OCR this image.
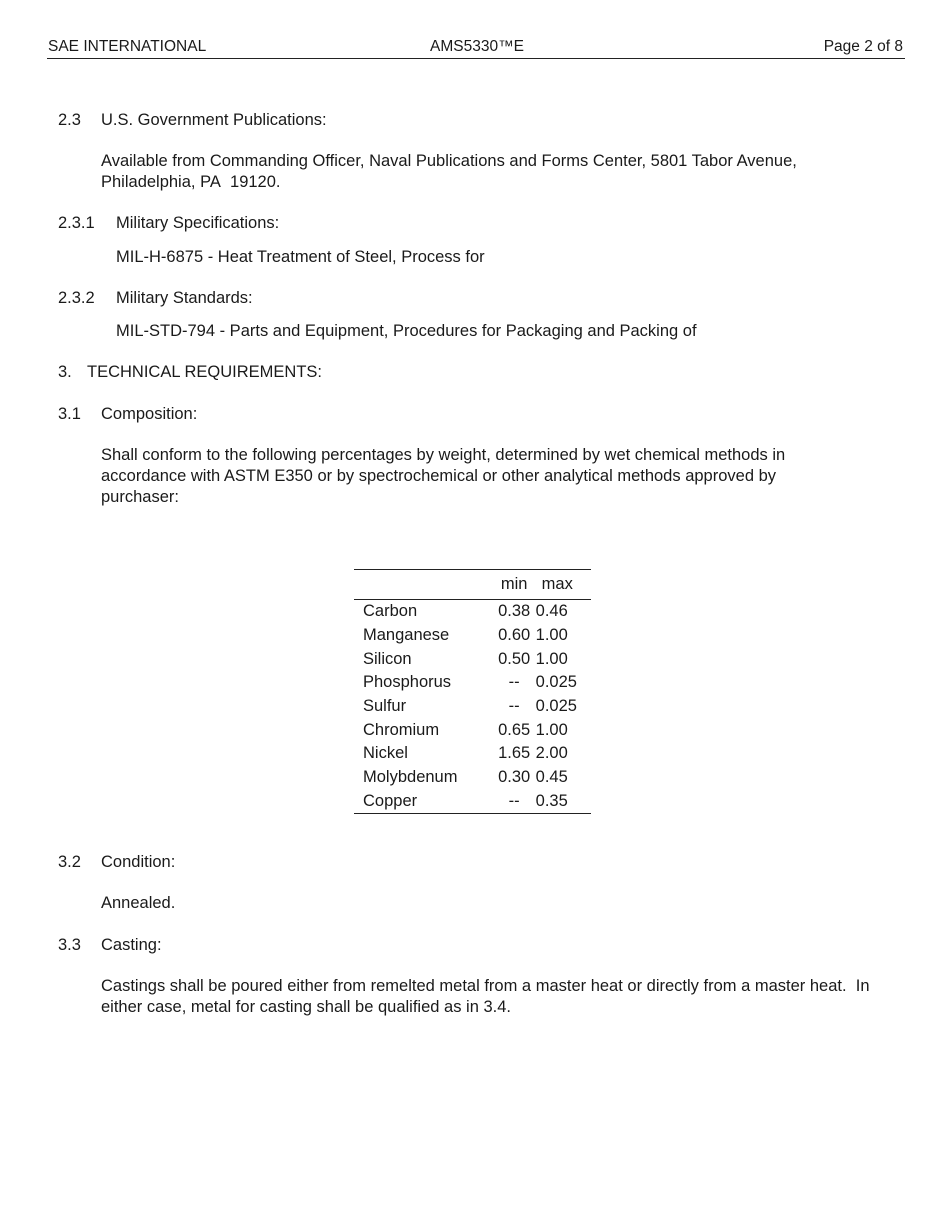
SAE INTERNATIONAL	AMS5330™E	Page 2 of 8
2.3 U.S. Government Publications:
Available from Commanding Officer, Naval Publications and Forms Center, 5801 Tabor Avenue, Philadelphia, PA  19120.
2.3.1 Military Specifications:
MIL-H-6875 - Heat Treatment of Steel, Process for
2.3.2 Military Standards:
MIL-STD-794 - Parts and Equipment, Procedures for Packaging and Packing of
3. TECHNICAL REQUIREMENTS:
3.1 Composition:
Shall conform to the following percentages by weight, determined by wet chemical methods in accordance with ASTM E350 or by spectrochemical or other analytical methods approved by purchaser:
	min	max
Carbon	0.38	0.46
Manganese	0.60	1.00
Silicon	0.50	1.00
Phosphorus	--	0.025
Sulfur	--	0.025
Chromium	0.65	1.00
Nickel	1.65	2.00
Molybdenum	0.30	0.45
Copper	--	0.35
3.2 Condition:
Annealed.
3.3 Casting:
Castings shall be poured either from remelted metal from a master heat or directly from a master heat.  In either case, metal for casting shall be qualified as in 3.4.
